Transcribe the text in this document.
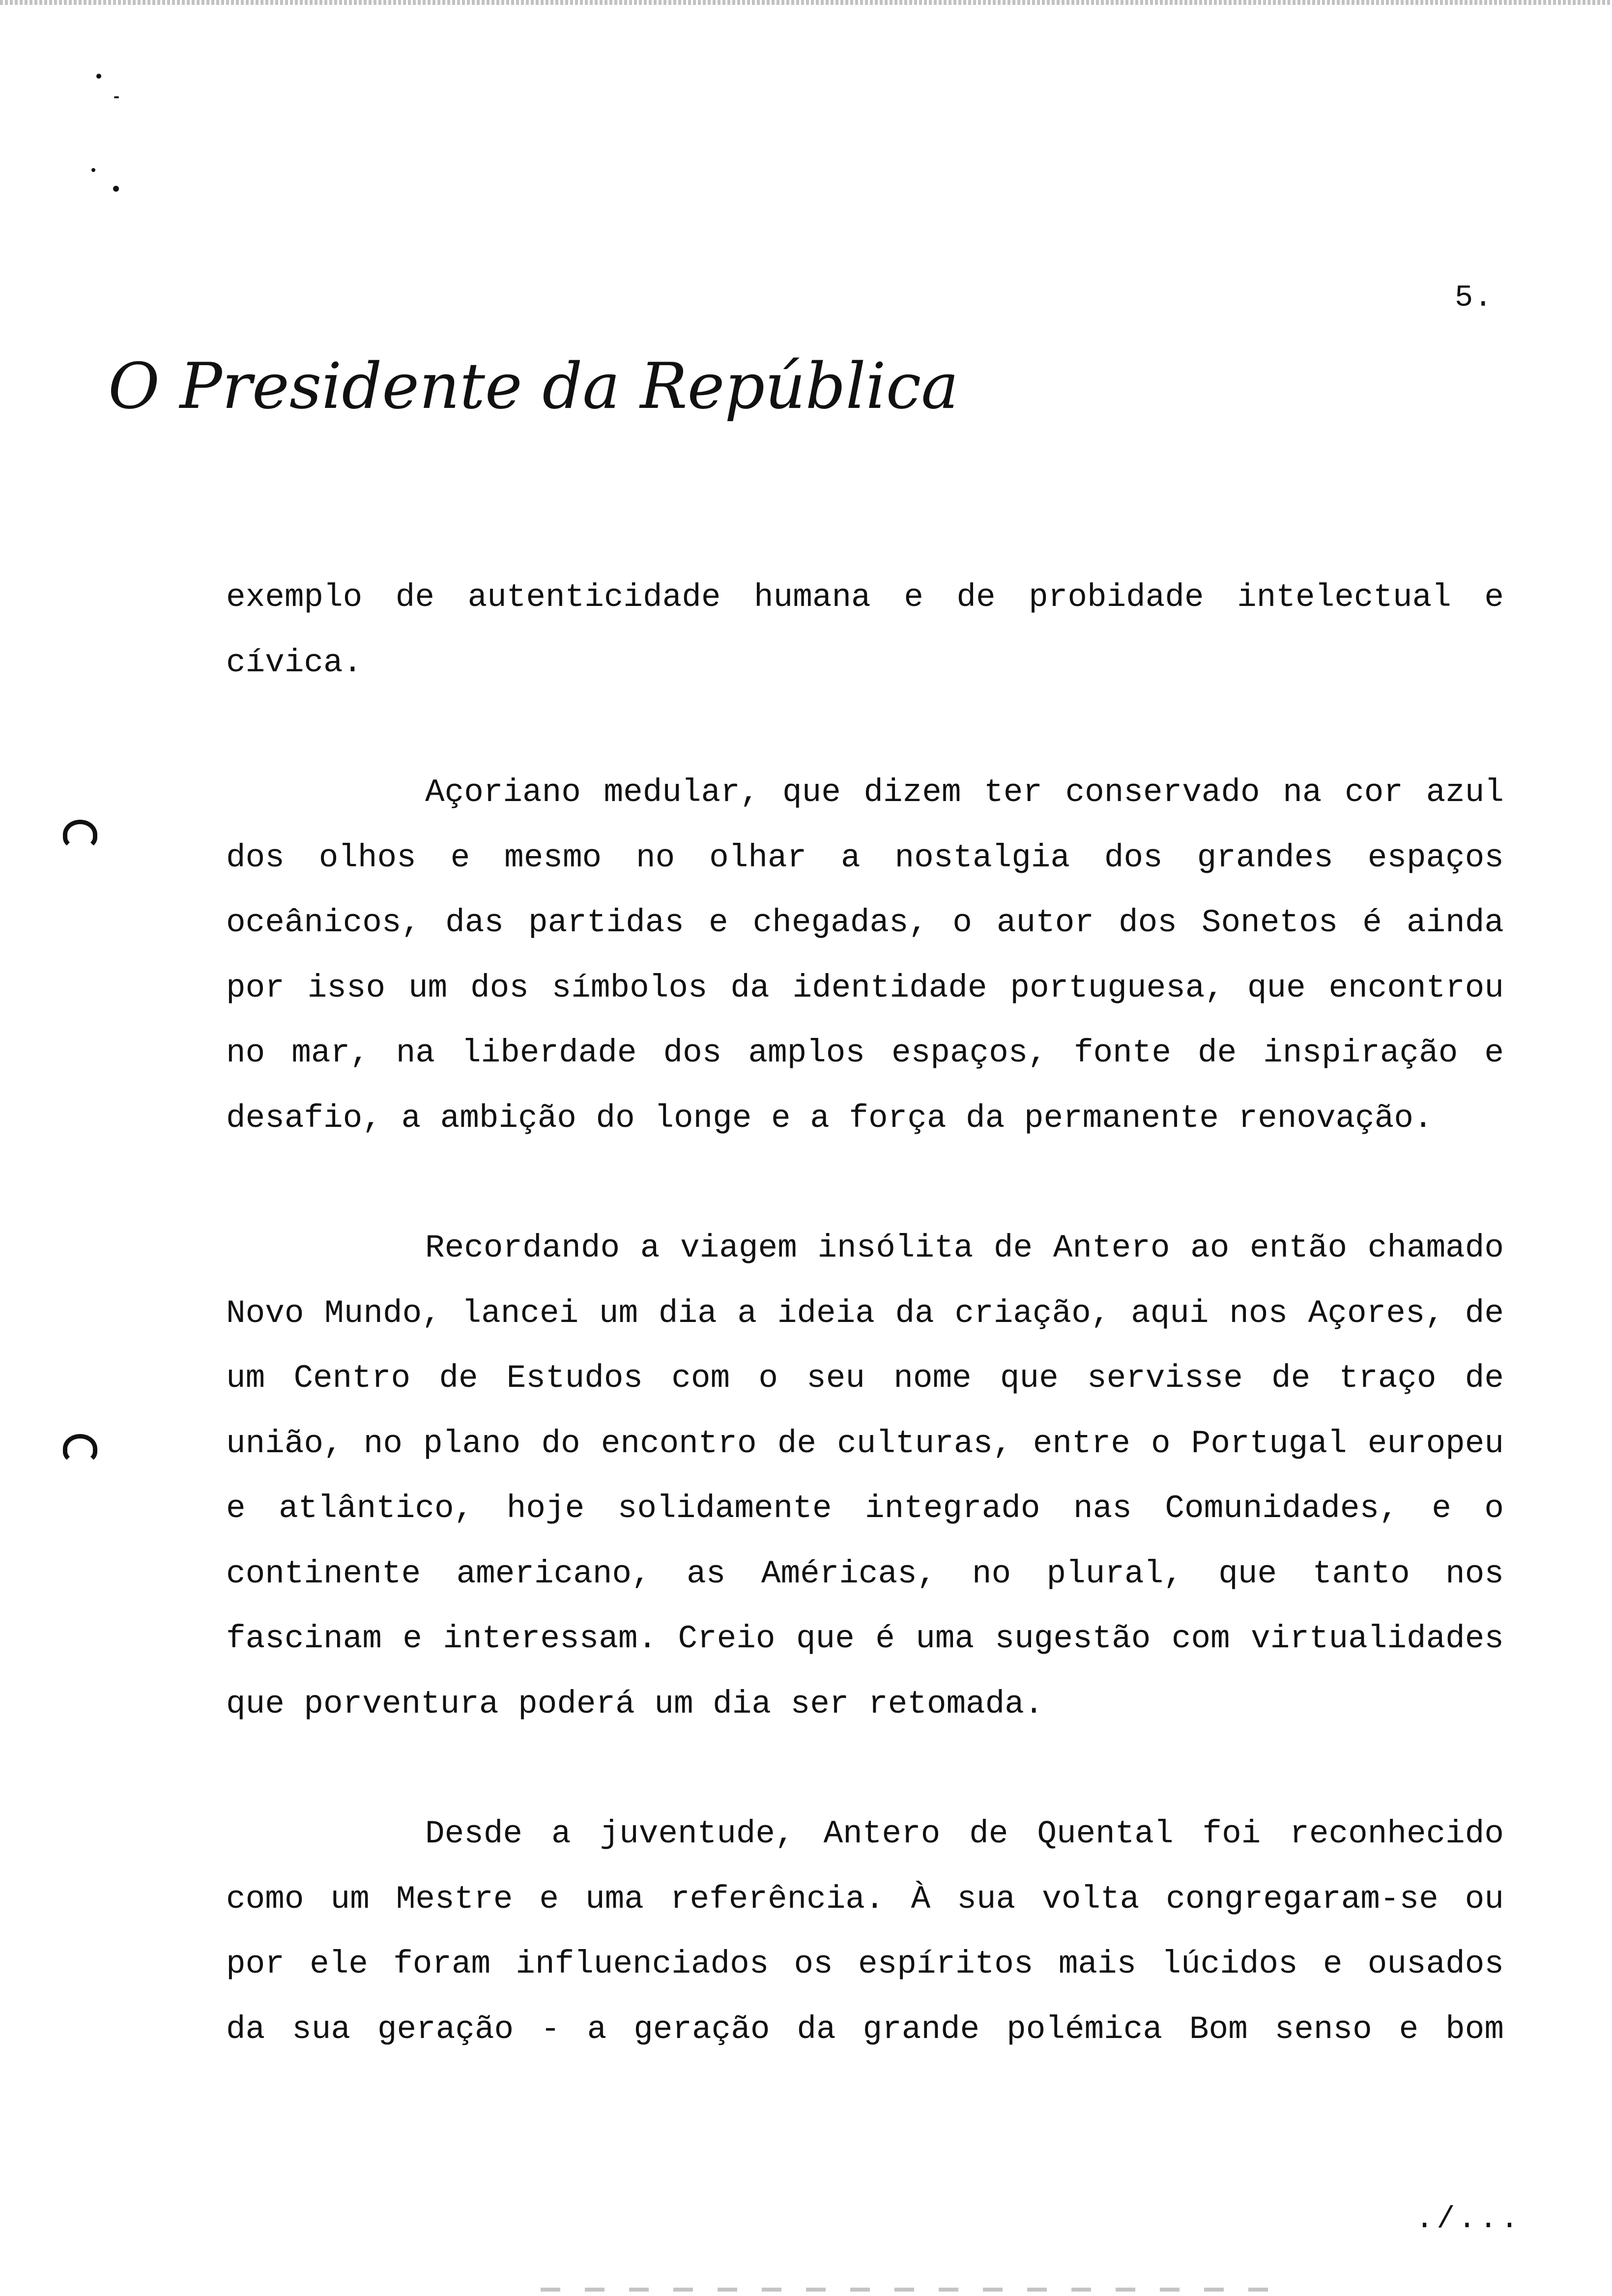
5.
O Presidente da República
exemplo de autenticidade humana e de probidade intelectual e
cívica.
Açoriano medular, que dizem ter conservado na cor azul
dos olhos e mesmo no olhar a nostalgia dos grandes espaços
oceânicos, das partidas e chegadas, o autor dos Sonetos é ainda
por isso um dos símbolos da identidade portuguesa, que encontrou
no mar, na liberdade dos amplos espaços, fonte de inspiração e
desafio, a ambição do longe e a força da permanente renovação.
Recordando a viagem insólita de Antero ao então chamado
Novo Mundo, lancei um dia a ideia da criação, aqui nos Açores, de
um Centro de Estudos com o seu nome que servisse de traço de
união, no plano do encontro de culturas, entre o Portugal europeu
e atlântico, hoje solidamente integrado nas Comunidades, e o
continente americano, as Américas, no plural, que tanto nos
fascinam e interessam. Creio que é uma sugestão com virtualidades
que porventura poderá um dia ser retomada.
Desde a juventude, Antero de Quental foi reconhecido
como um Mestre e uma referência. À sua volta congregaram-se ou
por ele foram influenciados os espíritos mais lúcidos e ousados
da sua geração - a geração da grande polémica Bom senso e bom
./...
